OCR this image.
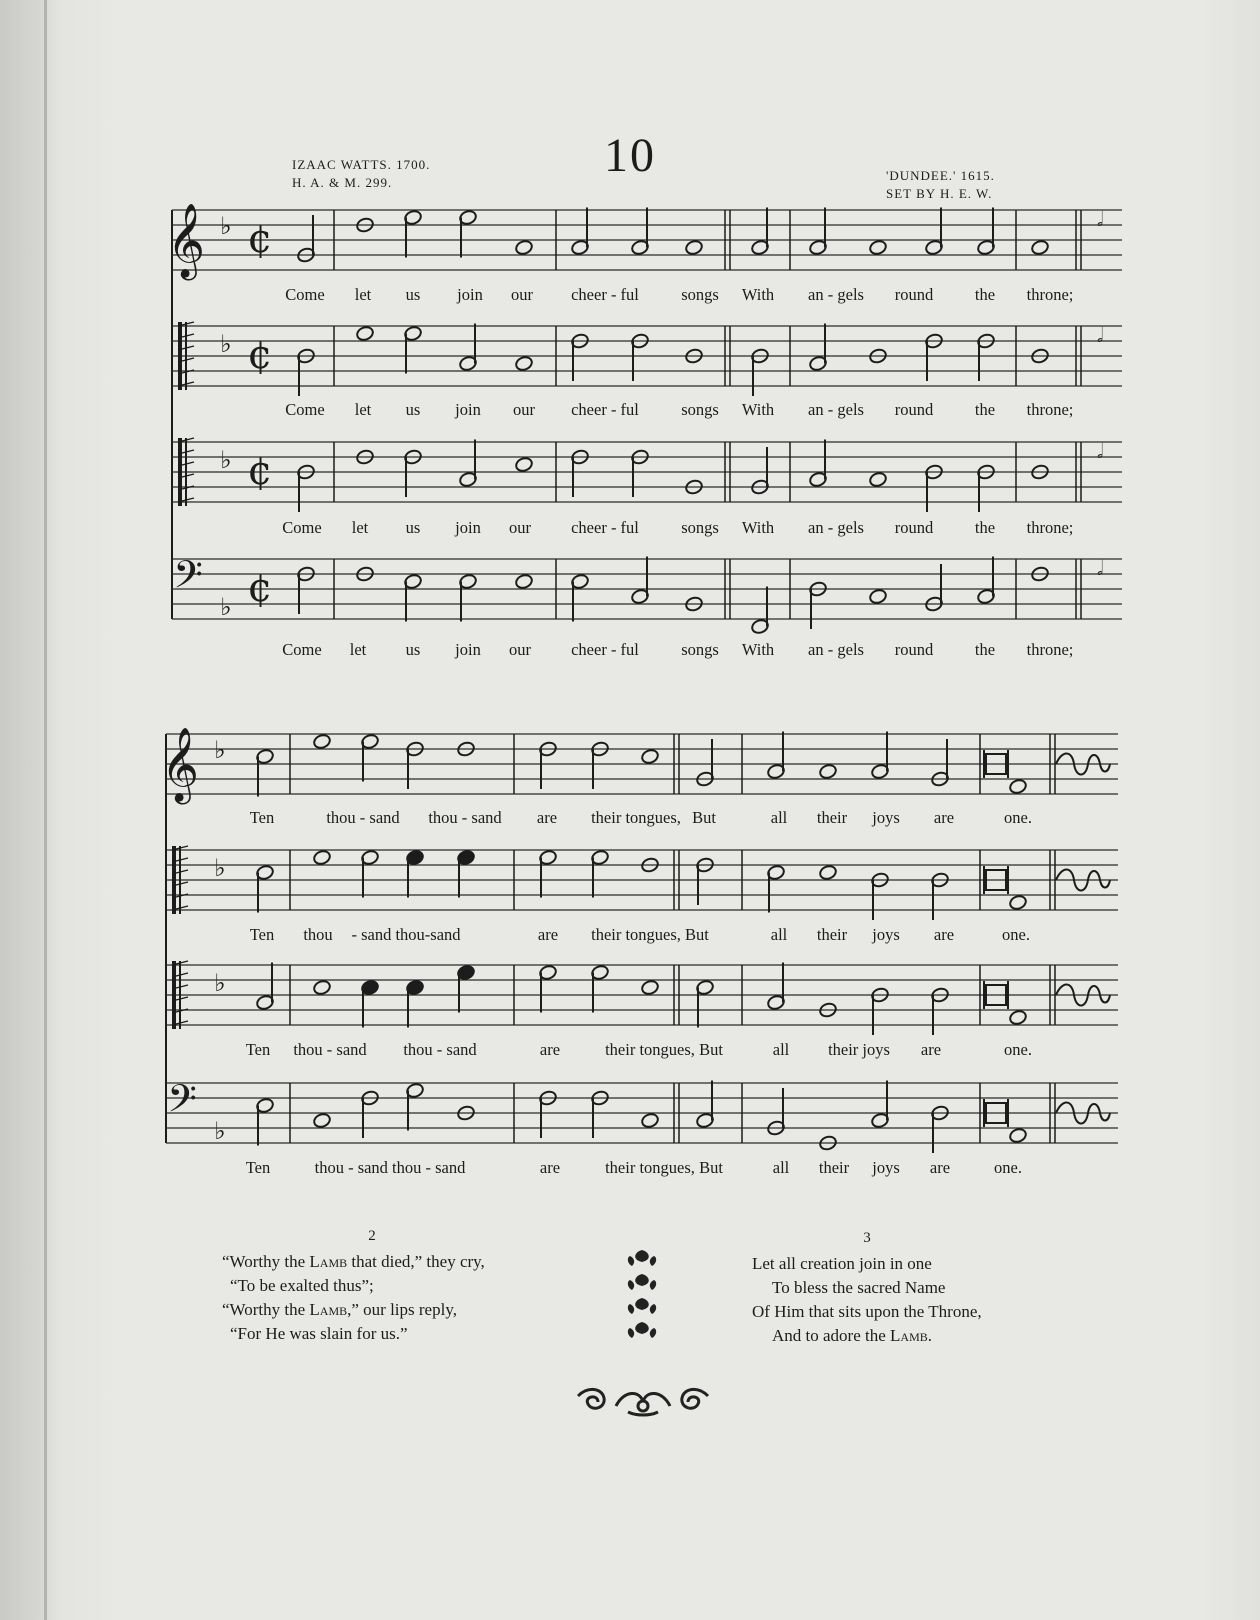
10
IZAAC WATTS. 1700.
H. A. & M. 299.	'DUNDEE.' 1615.
SET BY H. E. W.
𝄞 ♭ ¢	𝅗𝅥
♭ ¢	𝅗𝅥
♭ ¢	𝅗𝅥
𝄢
♭ ¢	𝅗𝅥
𝄞 ♭
♭
♭
𝄢
♭
Come let us join our cheer - ful	songs With an - gels round	the throne;
Come let us join our cheer - ful	songs With an - gels round	the throne;
Come let us join our cheer - ful	songs With an - gels round	the throne;
Come let us join our cheer - ful	songs With an - gels round	the throne;
Ten	thou - sand thou - sand are their tongues, But	all their joys are	one.
Ten thou - sand thou-sand	are their tongues, But	all their joys are	one.
Ten thou - sand thou - sand	are	their tongues, But	all their joys are	one.
Ten	thou - sand thou - sand	are	their tongues, But	all their joys are	one.
2
“Worthy the Lamb that died,” they cry,
“To be exalted thus”;
“Worthy the Lamb,” our lips reply,
“For He was slain for us.”
3
Let all creation join in one
To bless the sacred Name
Of Him that sits upon the Throne,
And to adore the Lamb.
